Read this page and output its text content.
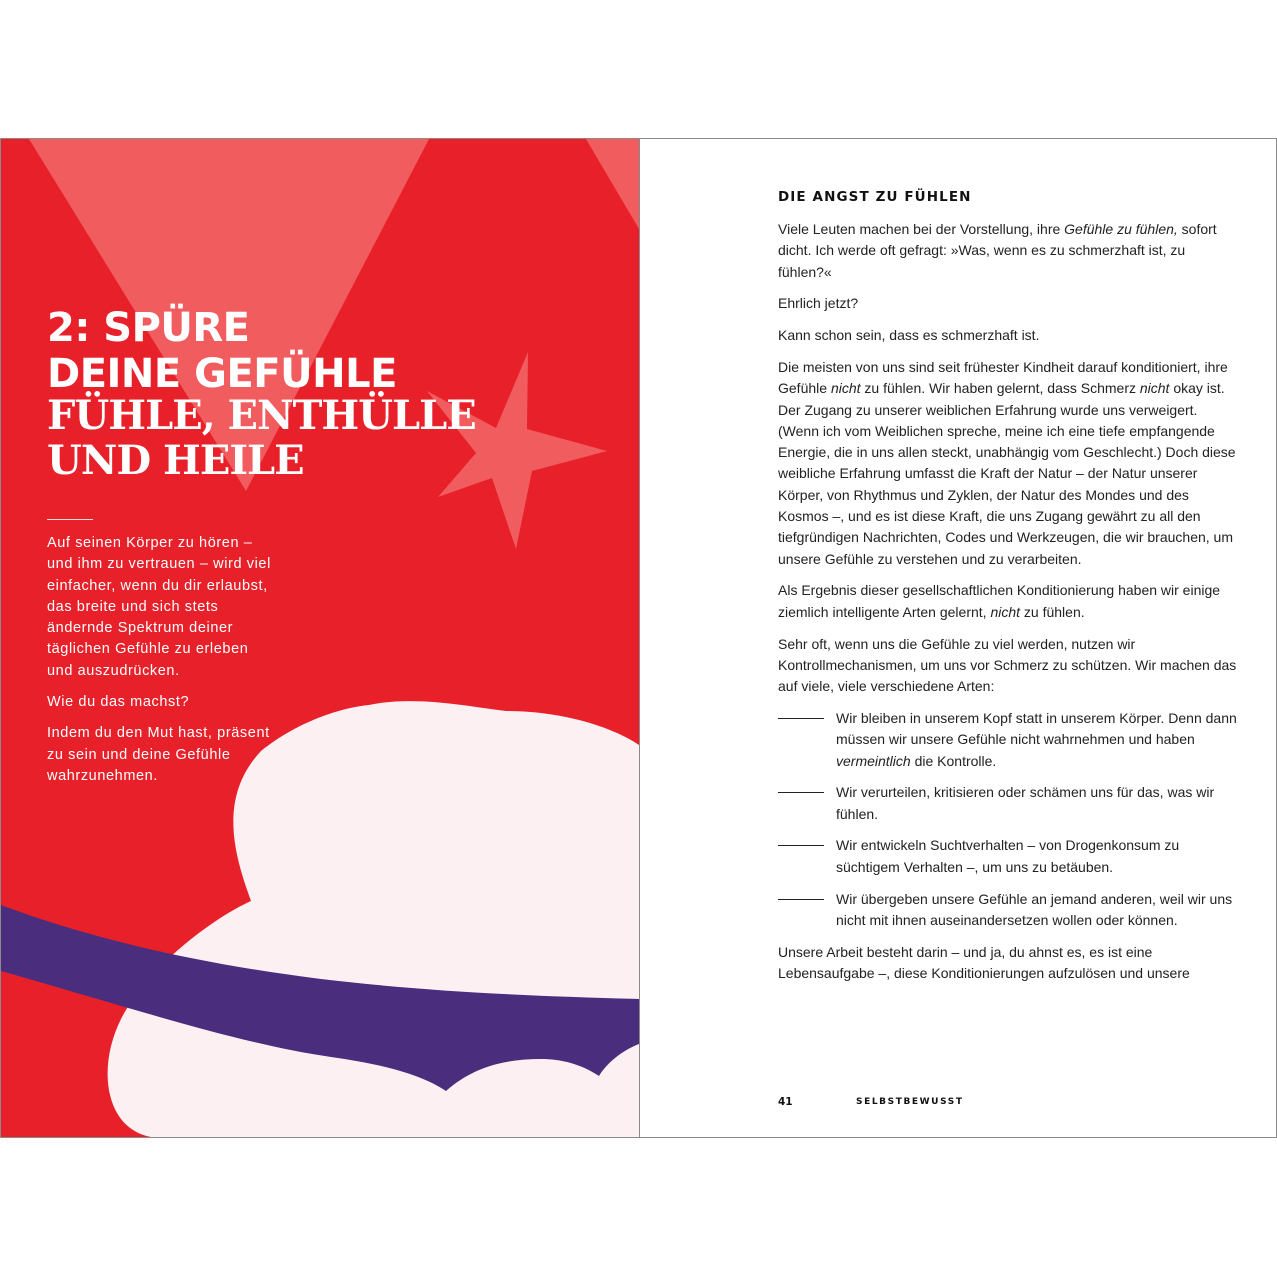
2: SPÜRE
DEINE GEFÜHLE
FÜHLE, ENTHÜLLE
UND HEILE

Auf seinen Körper zu hören – und ihm zu vertrauen – wird viel einfacher, wenn du dir erlaubst, das breite und sich stets ändernde Spektrum deiner täglichen Gefühle zu erleben und auszudrücken.

Wie du das machst?

Indem du den Mut hast, präsent zu sein und deine Gefühle wahrzunehmen.

DIE ANGST ZU FÜHLEN

Viele Leuten machen bei der Vorstellung, ihre Gefühle zu fühlen, sofort dicht. Ich werde oft gefragt: »Was, wenn es zu schmerzhaft ist, zu fühlen?«

Ehrlich jetzt?

Kann schon sein, dass es schmerzhaft ist.

Die meisten von uns sind seit frühester Kindheit darauf konditioniert, ihre Gefühle nicht zu fühlen. Wir haben gelernt, dass Schmerz nicht okay ist. Der Zugang zu unserer weiblichen Erfahrung wurde uns verweigert. (Wenn ich vom Weiblichen spreche, meine ich eine tiefe empfangende Energie, die in uns allen steckt, unabhängig vom Geschlecht.) Doch diese weibliche Erfahrung umfasst die Kraft der Natur – der Natur unserer Körper, von Rhythmus und Zyklen, der Natur des Mondes und des Kosmos –, und es ist diese Kraft, die uns Zugang gewährt zu all den tiefgründigen Nachrichten, Codes und Werkzeugen, die wir brauchen, um unsere Gefühle zu verstehen und zu verarbeiten.

Als Ergebnis dieser gesellschaftlichen Konditionierung haben wir einige ziemlich intelligente Arten gelernt, nicht zu fühlen.

Sehr oft, wenn uns die Gefühle zu viel werden, nutzen wir Kontrollmechanismen, um uns vor Schmerz zu schützen. Wir machen das auf viele, viele verschiedene Arten:

Wir bleiben in unserem Kopf statt in unserem Körper. Denn dann müssen wir unsere Gefühle nicht wahrnehmen und haben vermeintlich die Kontrolle.
Wir verurteilen, kritisieren oder schämen uns für das, was wir fühlen.
Wir entwickeln Suchtverhalten – von Drogenkonsum zu süchtigem Verhalten –, um uns zu betäuben.
Wir übergeben unsere Gefühle an jemand anderen, weil wir uns nicht mit ihnen auseinandersetzen wollen oder können.

Unsere Arbeit besteht darin – und ja, du ahnst es, es ist eine Lebensaufgabe –, diese Konditionierungen aufzulösen und unsere

41	SELBSTBEWUSST
